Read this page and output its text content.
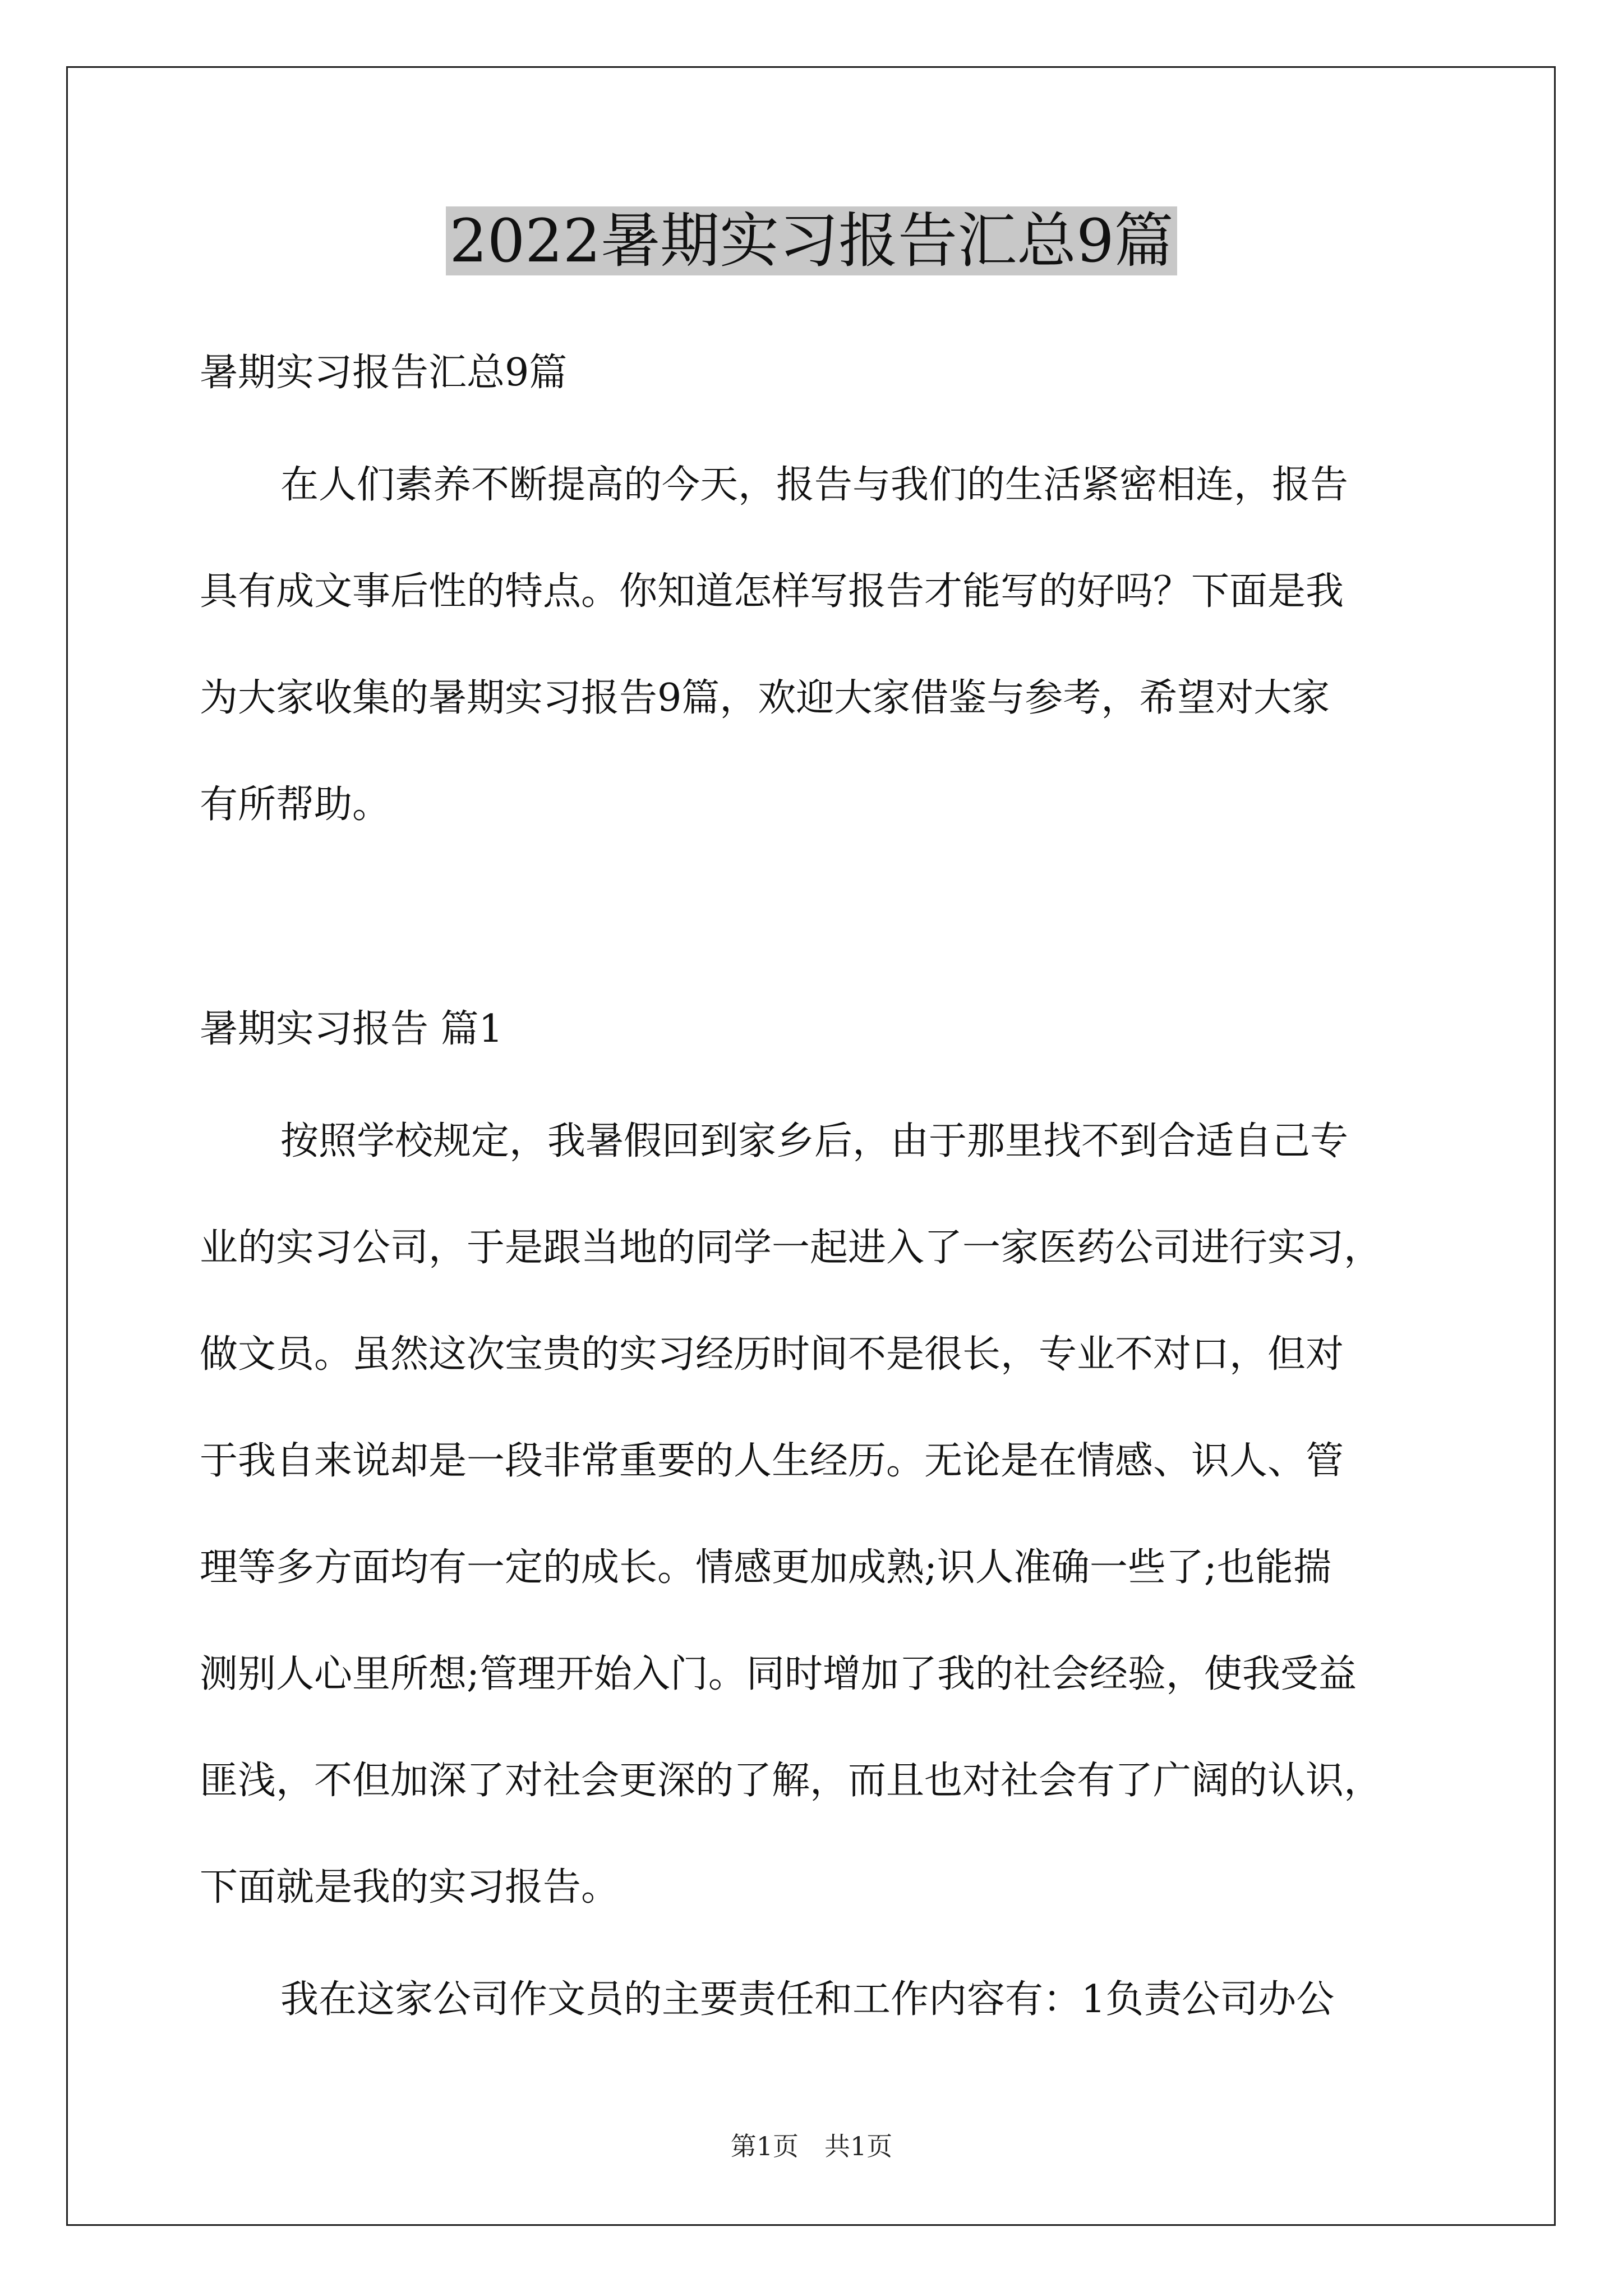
2022暑期实习报告汇总9篇

暑期实习报告汇总9篇

在人们素养不断提高的今天，报告与我们的生活紧密相连，报告

具有成文事后性的特点。你知道怎样写报告才能写的好吗？下面是我

为大家收集的暑期实习报告9篇，欢迎大家借鉴与参考，希望对大家

有所帮助。

暑期实习报告 篇1

按照学校规定，我暑假回到家乡后，由于那里找不到合适自己专

业的实习公司，于是跟当地的同学一起进入了一家医药公司进行实习，

做文员。虽然这次宝贵的实习经历时间不是很长，专业不对口，但对

于我自来说却是一段非常重要的人生经历。无论是在情感、识人、管

理等多方面均有一定的成长。情感更加成熟;识人准确一些了;也能揣

测别人心里所想;管理开始入门。同时增加了我的社会经验，使我受益

匪浅，不但加深了对社会更深的了解，而且也对社会有了广阔的认识，

下面就是我的实习报告。

我在这家公司作文员的主要责任和工作内容有：1负责公司办公

第1页　共1页
